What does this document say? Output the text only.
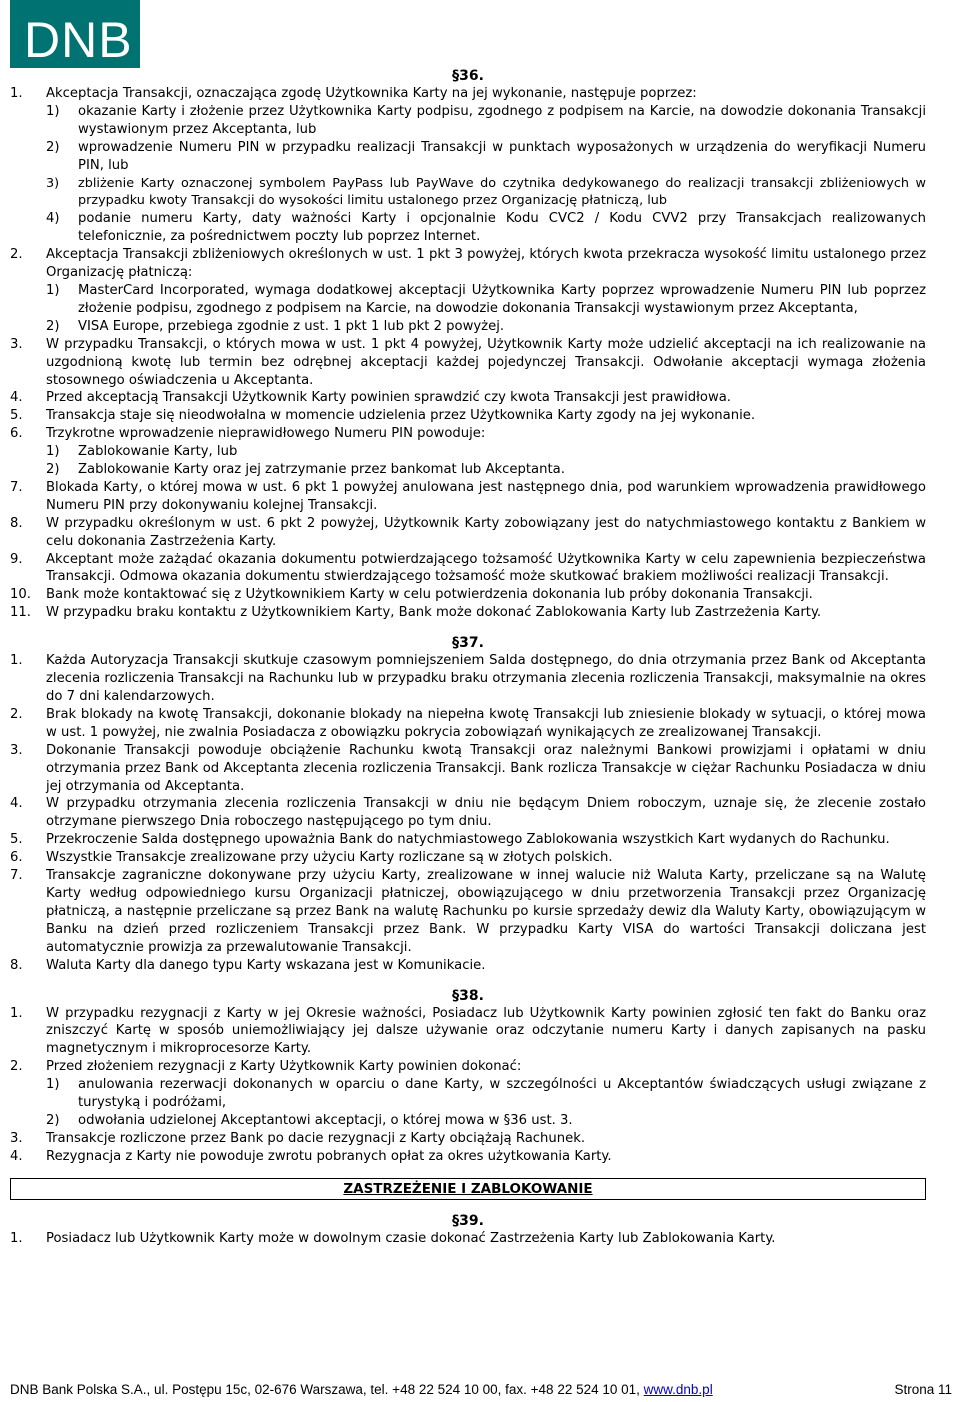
DNB
§36.
1.	Akceptacja Transakcji, oznaczająca zgodę Użytkownika Karty na jej wykonanie, następuje poprzez:
1)	okazanie Karty i złożenie przez Użytkownika Karty podpisu, zgodnego z podpisem na Karcie, na dowodzie dokonania Transakcji wystawionym przez Akceptanta, lub
2)	wprowadzenie Numeru PIN w przypadku realizacji Transakcji w punktach wyposażonych w urządzenia do weryfikacji Numeru PIN, lub
3)	zbliżenie Karty oznaczonej symbolem PayPass lub PayWave do czytnika dedykowanego do realizacji transakcji zbliżeniowych w przypadku kwoty Transakcji do wysokości limitu ustalonego przez Organizację płatniczą, lub
4)	podanie numeru Karty, daty ważności Karty i opcjonalnie Kodu CVC2 / Kodu CVV2 przy Transakcjach realizowanych telefonicznie, za pośrednictwem poczty lub poprzez Internet.
2.	Akceptacja Transakcji zbliżeniowych określonych w ust. 1 pkt 3 powyżej, których kwota przekracza wysokość limitu ustalonego przez Organizację płatniczą:
1)	MasterCard Incorporated, wymaga dodatkowej akceptacji Użytkownika Karty poprzez wprowadzenie Numeru PIN lub poprzez złożenie podpisu, zgodnego z podpisem na Karcie, na dowodzie dokonania Transakcji wystawionym przez Akceptanta,
2)	VISA Europe, przebiega zgodnie z ust. 1 pkt 1 lub pkt 2 powyżej.
3.	W przypadku Transakcji, o których mowa w ust. 1 pkt 4 powyżej, Użytkownik Karty może udzielić akceptacji na ich realizowanie na uzgodnioną kwotę lub termin bez odrębnej akceptacji każdej pojedynczej Transakcji. Odwołanie akceptacji wymaga złożenia stosownego oświadczenia u Akceptanta.
4.	Przed akceptacją Transakcji Użytkownik Karty powinien sprawdzić czy kwota Transakcji jest prawidłowa.
5.	Transakcja staje się nieodwołalna w momencie udzielenia przez Użytkownika Karty zgody na jej wykonanie.
6.	Trzykrotne wprowadzenie nieprawidłowego Numeru PIN powoduje:
1)	Zablokowanie Karty, lub
2)	Zablokowanie Karty oraz jej zatrzymanie przez bankomat lub Akceptanta.
7.	Blokada Karty, o której mowa w ust. 6 pkt 1 powyżej anulowana jest następnego dnia, pod warunkiem wprowadzenia prawidłowego Numeru PIN przy dokonywaniu kolejnej Transakcji.
8.	W przypadku określonym w ust. 6 pkt 2 powyżej, Użytkownik Karty zobowiązany jest do natychmiastowego kontaktu z Bankiem w celu dokonania Zastrzeżenia Karty.
9.	Akceptant może zażądać okazania dokumentu potwierdzającego tożsamość Użytkownika Karty w celu zapewnienia bezpieczeństwa Transakcji. Odmowa okazania dokumentu stwierdzającego tożsamość może skutkować brakiem możliwości realizacji Transakcji.
10.	Bank może kontaktować się z Użytkownikiem Karty w celu potwierdzenia dokonania lub próby dokonania Transakcji.
11.	W przypadku braku kontaktu z Użytkownikiem Karty, Bank może dokonać Zablokowania Karty lub Zastrzeżenia Karty.
§37.
1.	Każda Autoryzacja Transakcji skutkuje czasowym pomniejszeniem Salda dostępnego, do dnia otrzymania przez Bank od Akceptanta zlecenia rozliczenia Transakcji na Rachunku lub w przypadku braku otrzymania zlecenia rozliczenia Transakcji, maksymalnie na okres do 7 dni kalendarzowych.
2.	Brak blokady na kwotę Transakcji, dokonanie blokady na niepełna kwotę Transakcji lub zniesienie blokady w sytuacji, o której mowa w ust. 1 powyżej, nie zwalnia Posiadacza z obowiązku pokrycia zobowiązań wynikających ze zrealizowanej Transakcji.
3.	Dokonanie Transakcji powoduje obciążenie Rachunku kwotą Transakcji oraz należnymi Bankowi prowizjami i opłatami w dniu otrzymania przez Bank od Akceptanta zlecenia rozliczenia Transakcji. Bank rozlicza Transakcje w ciężar Rachunku Posiadacza w dniu jej otrzymania od Akceptanta.
4.	W przypadku otrzymania zlecenia rozliczenia Transakcji w dniu nie będącym Dniem roboczym, uznaje się, że zlecenie zostało otrzymane pierwszego Dnia roboczego następującego po tym dniu.
5.	Przekroczenie Salda dostępnego upoważnia Bank do natychmiastowego Zablokowania wszystkich Kart wydanych do Rachunku.
6.	Wszystkie Transakcje zrealizowane przy użyciu Karty rozliczane są w złotych polskich.
7.	Transakcje zagraniczne dokonywane przy użyciu Karty, zrealizowane w innej walucie niż Waluta Karty, przeliczane są na Walutę Karty według odpowiedniego kursu Organizacji płatniczej, obowiązującego w dniu przetworzenia Transakcji przez Organizację płatniczą, a następnie przeliczane są przez Bank na walutę Rachunku po kursie sprzedaży dewiz dla Waluty Karty, obowiązującym w Banku na dzień przed rozliczeniem Transakcji przez Bank. W przypadku Karty VISA do wartości Transakcji doliczana jest automatycznie prowizja za przewalutowanie Transakcji.
8.	Waluta Karty dla danego typu Karty wskazana jest w Komunikacie.
§38.
1.	W przypadku rezygnacji z Karty w jej Okresie ważności, Posiadacz lub Użytkownik Karty powinien zgłosić ten fakt do Banku oraz zniszczyć Kartę w sposób uniemożliwiający jej dalsze używanie oraz odczytanie numeru Karty i danych zapisanych na pasku magnetycznym i mikroprocesorze Karty.
2.	Przed złożeniem rezygnacji z Karty Użytkownik Karty powinien dokonać:
1)	anulowania rezerwacji dokonanych w oparciu o dane Karty, w szczególności u Akceptantów świadczących usługi związane z turystyką i podróżami,
2)	odwołania udzielonej Akceptantowi akceptacji, o której mowa w §36 ust. 3.
3.	Transakcje rozliczone przez Bank po dacie rezygnacji z Karty obciążają Rachunek.
4.	Rezygnacja z Karty nie powoduje zwrotu pobranych opłat za okres użytkowania Karty.
ZASTRZEŻENIE I ZABLOKOWANIE
§39.
1.	Posiadacz lub Użytkownik Karty może w dowolnym czasie dokonać Zastrzeżenia Karty lub Zablokowania Karty.
DNB Bank Polska S.A., ul. Postępu 15c, 02-676 Warszawa, tel. +48 22 524 10 00, fax. +48 22 524 10 01, www.dnb.pl	Strona 11
